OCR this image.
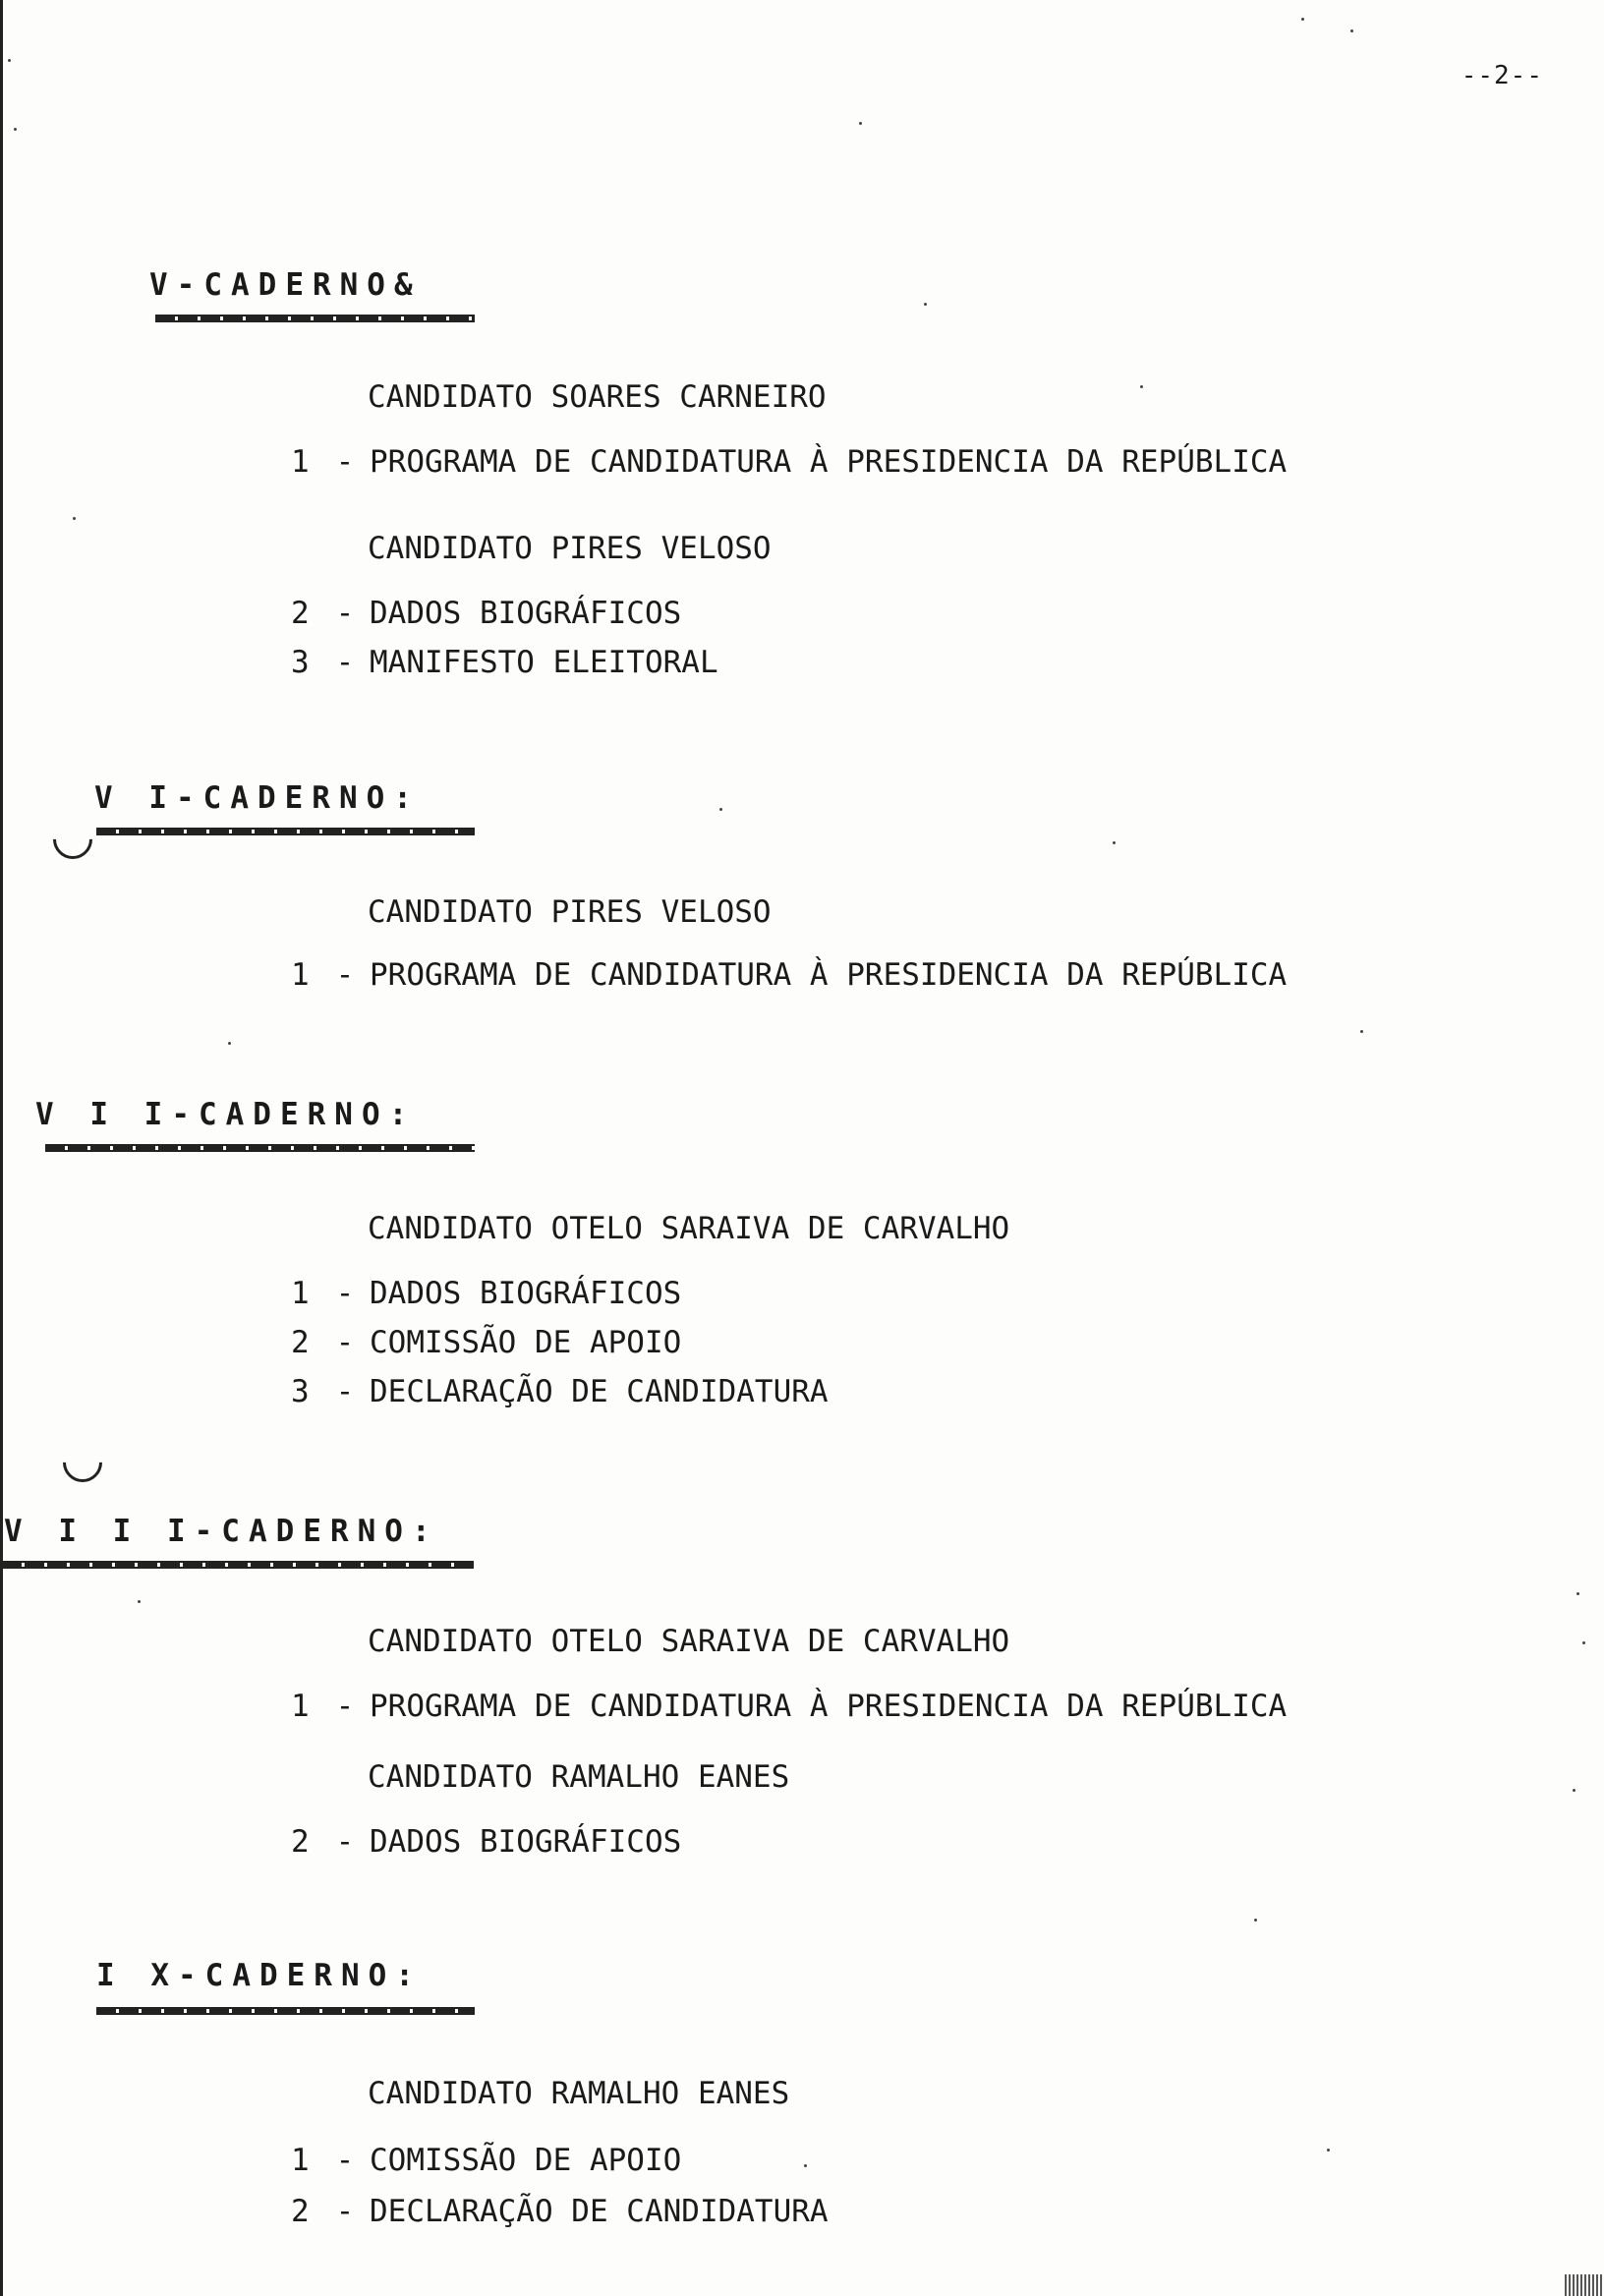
--2--
V-CADERNO&
CANDIDATO SOARES CARNEIRO
1 - PROGRAMA DE CANDIDATURA À PRESIDENCIA DA REPÚBLICA
CANDIDATO PIRES VELOSO
2 - DADOS BIOGRÁFICOS
3 - MANIFESTO ELEITORAL
V I-CADERNO:
CANDIDATO PIRES VELOSO
1 - PROGRAMA DE CANDIDATURA À PRESIDENCIA DA REPÚBLICA
V I I-CADERNO:
CANDIDATO OTELO SARAIVA DE CARVALHO
1 - DADOS BIOGRÁFICOS
2 - COMISSÃO DE APOIO
3 - DECLARAÇÃO DE CANDIDATURA
V I I I-CADERNO:
CANDIDATO OTELO SARAIVA DE CARVALHO
1 - PROGRAMA DE CANDIDATURA À PRESIDENCIA DA REPÚBLICA
CANDIDATO RAMALHO EANES
2 - DADOS BIOGRÁFICOS
I X-CADERNO:
CANDIDATO RAMALHO EANES
1 - COMISSÃO DE APOIO
2 - DECLARAÇÃO DE CANDIDATURA
